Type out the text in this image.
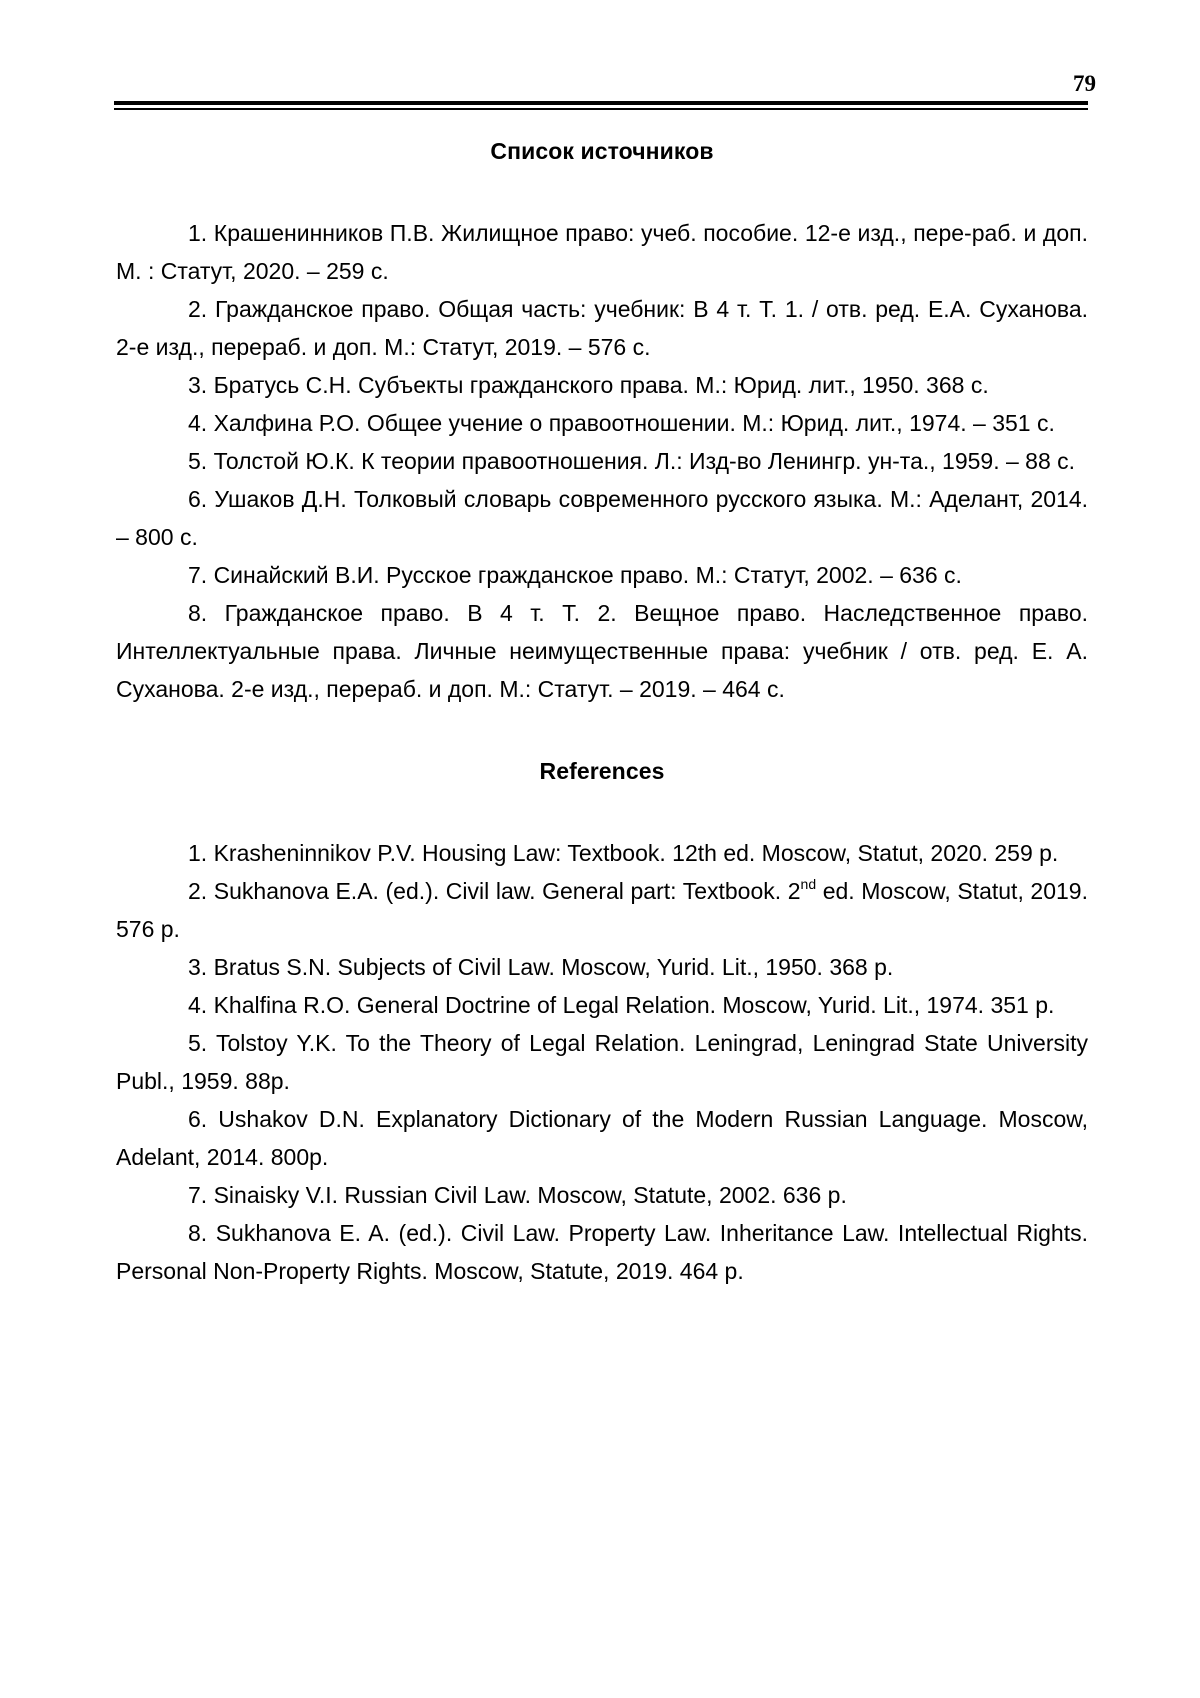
79
Список источников
1. Крашенинников П.В. Жилищное право: учеб. пособие. 12-е изд., пере-раб. и доп. М. : Статут, 2020. – 259 с.
2. Гражданское право. Общая часть: учебник: В 4 т. Т. 1. / отв. ред. Е.А. Суханова. 2-е изд., перераб. и доп. М.: Статут, 2019. – 576 с.
3. Братусь С.Н. Субъекты гражданского права. М.: Юрид. лит., 1950. 368 с.
4. Халфина Р.О. Общее учение о правоотношении. М.: Юрид. лит., 1974. – 351 с.
5. Толстой Ю.К. К теории правоотношения. Л.: Изд-во Ленингр. ун-та., 1959. – 88 с.
6. Ушаков Д.Н. Толковый словарь современного русского языка. М.: Аделант, 2014. – 800 с.
7. Синайский В.И. Русское гражданское право. М.: Статут, 2002. – 636 с.
8. Гражданское право. В 4 т. Т. 2. Вещное право. Наследственное право. Интеллектуальные права. Личные неимущественные права: учебник / отв. ред. Е. А. Суханова. 2-е изд., перераб. и доп. М.: Статут. – 2019. – 464 с.
References
1. Krasheninnikov P.V. Housing Law: Textbook. 12th ed. Moscow, Statut, 2020. 259 p.
2. Sukhanova E.A. (ed.). Civil law. General part: Textbook. 2nd ed. Moscow, Statut, 2019. 576 p.
3. Bratus S.N. Subjects of Civil Law. Moscow, Yurid. Lit., 1950. 368 p.
4. Khalfina R.O. General Doctrine of Legal Relation. Moscow, Yurid. Lit., 1974. 351 p.
5. Tolstoy Y.K. To the Theory of Legal Relation. Leningrad, Leningrad State University Publ., 1959. 88p.
6. Ushakov D.N. Explanatory Dictionary of the Modern Russian Language. Moscow, Adelant, 2014. 800p.
7. Sinaisky V.I. Russian Civil Law. Moscow, Statute, 2002. 636 p.
8. Sukhanova E. A. (ed.). Civil Law. Property Law. Inheritance Law. Intellectual Rights. Personal Non-Property Rights. Moscow, Statute, 2019. 464 p.
